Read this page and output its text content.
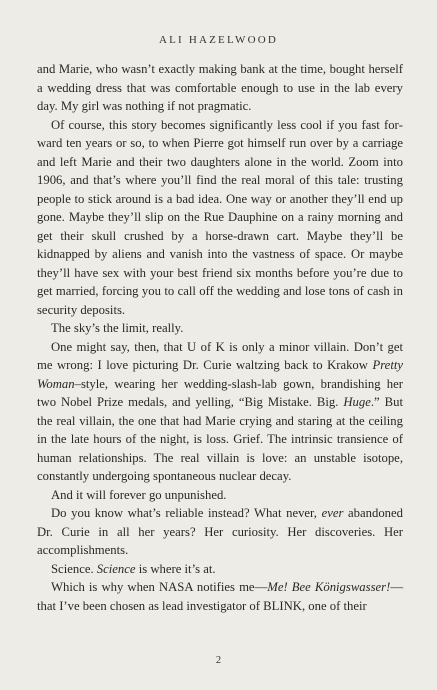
ALI HAZELWOOD

and Marie, who wasn’t exactly making bank at the time, bought herself a wedding dress that was comfortable enough to use in the lab every day. My girl was nothing if not pragmatic.

Of course, this story becomes significantly less cool if you fast forward ten years or so, to when Pierre got himself run over by a carriage and left Marie and their two daughters alone in the world. Zoom into 1906, and that’s where you’ll find the real moral of this tale: trusting people to stick around is a bad idea. One way or another they’ll end up gone. Maybe they’ll slip on the Rue Dauphine on a rainy morning and get their skull crushed by a horse-drawn cart. Maybe they’ll be kidnapped by aliens and vanish into the vastness of space. Or maybe they’ll have sex with your best friend six months before you’re due to get married, forcing you to call off the wedding and lose tons of cash in security deposits.

The sky’s the limit, really.

One might say, then, that U of K is only a minor villain. Don’t get me wrong: I love picturing Dr. Curie waltzing back to Krakow Pretty Woman–style, wearing her wedding-slash-lab gown, brandishing her two Nobel Prize medals, and yelling, “Big Mistake. Big. Huge.” But the real villain, the one that had Marie crying and staring at the ceiling in the late hours of the night, is loss. Grief. The intrinsic transience of human relationships. The real villain is love: an unstable isotope, constantly undergoing spontaneous nuclear decay.

And it will forever go unpunished.

Do you know what’s reliable instead? What never, ever abandoned Dr. Curie in all her years? Her curiosity. Her discoveries. Her accomplishments.

Science. Science is where it’s at.

Which is why when NASA notifies me—Me! Bee Königswasser!—that I’ve been chosen as lead investigator of BLINK, one of their

2
